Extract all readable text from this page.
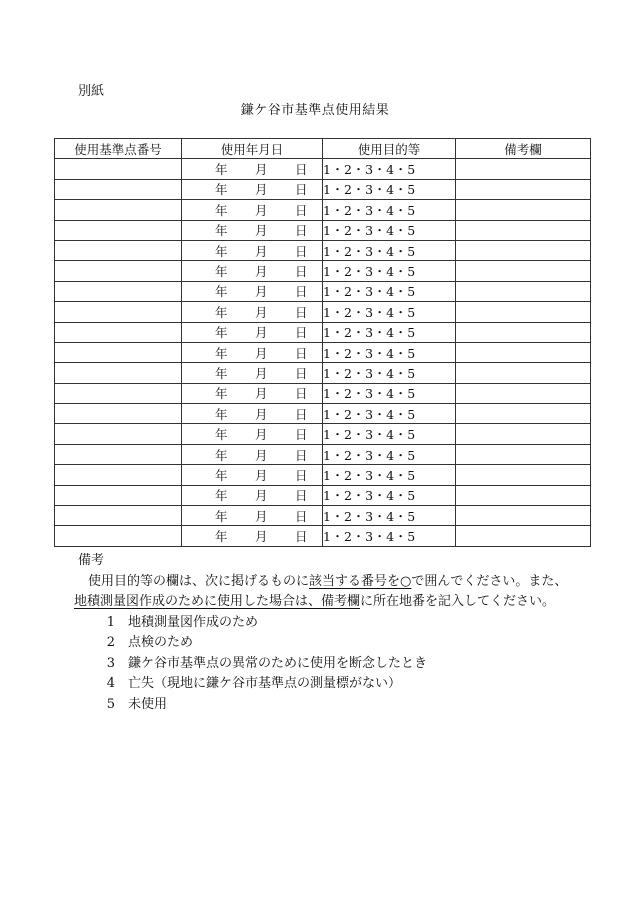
別紙
鎌ケ谷市基準点使用結果
使用基準点番号	使用年月日	使用目的等	備考欄

	年 月 日	1・2・3・4・5	

	年 月 日	1・2・3・4・5	

	年 月 日	1・2・3・4・5	

	年 月 日	1・2・3・4・5	

	年 月 日	1・2・3・4・5	

	年 月 日	1・2・3・4・5	

	年 月 日	1・2・3・4・5	

	年 月 日	1・2・3・4・5	

	年 月 日	1・2・3・4・5	

	年 月 日	1・2・3・4・5	

	年 月 日	1・2・3・4・5	

	年 月 日	1・2・3・4・5	

	年 月 日	1・2・3・4・5	

	年 月 日	1・2・3・4・5	

	年 月 日	1・2・3・4・5	

	年 月 日	1・2・3・4・5	

	年 月 日	1・2・3・4・5	

	年 月 日	1・2・3・4・5	

	年 月 日	1・2・3・4・5	

備考

使用目的等の欄は、次に掲げるものに該当する番号を○で囲んでください。また、地積測量図作成のために使用した場合は、備考欄に所在地番を記入してください。

1	地積測量図作成のため
2	点検のため
3	鎌ケ谷市基準点の異常のために使用を断念したとき
4	亡失（現地に鎌ケ谷市基準点の測量標がない）
5	未使用
